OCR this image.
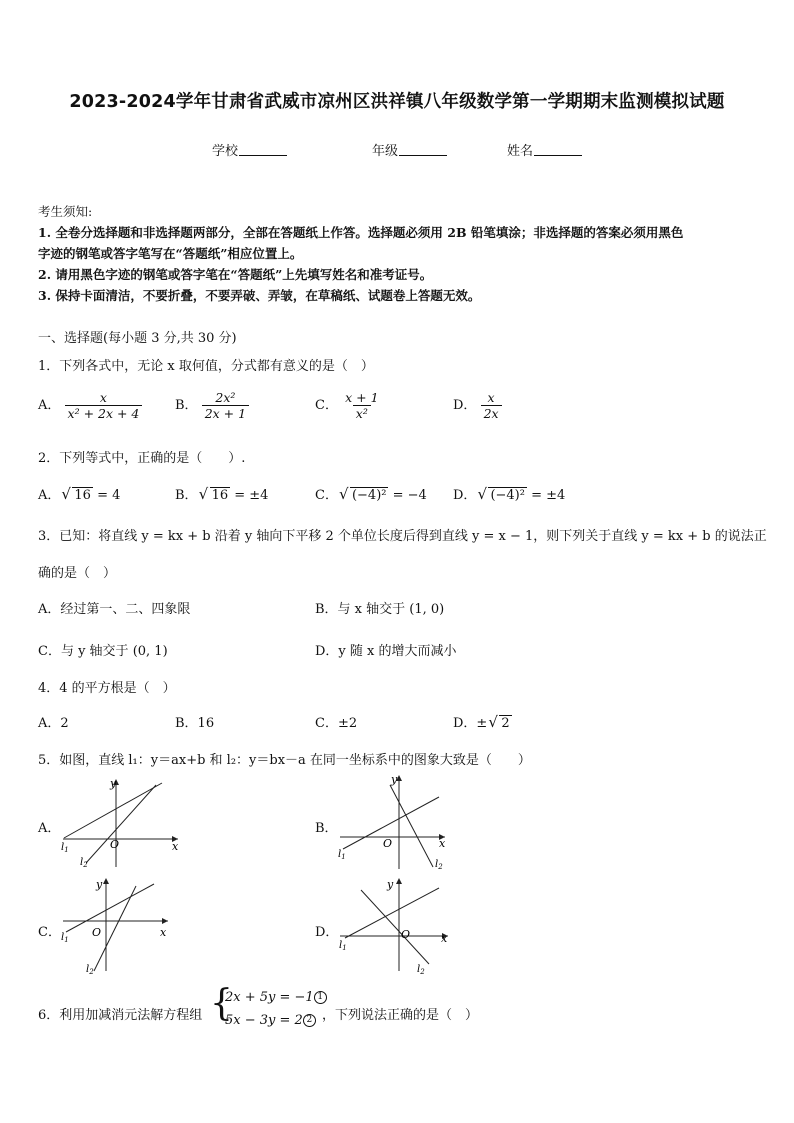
2023-2024学年甘肃省武威市凉州区洪祥镇八年级数学第一学期期末监测模拟试题
学校	年级	姓名
考生须知:
1. 全卷分选择题和非选择题两部分，全部在答题纸上作答。选择题必须用 2B 铅笔填涂；非选择题的答案必须用黑色
字迹的钢笔或答字笔写在“答题纸”相应位置上。
2. 请用黑色字迹的钢笔或答字笔在“答题纸”上先填写姓名和准考证号。
3. 保持卡面清洁，不要折叠，不要弄破、弄皱，在草稿纸、试题卷上答题无效。
一、选择题(每小题 3 分,共 30 分)
1．下列各式中，无论 x 取何值，分式都有意义的是（　）
A． $\frac{x}{\text{x² + 2x + 4}}$	B． $\frac{\text{2x²}}{2x + 1}$	C． $\frac{x + 1}{\text{x²}}$	D． $\frac{x}{2x}$
2．下列等式中，正确的是（　　）.
A． √ 16 = 4	B． √ 16 = ±4	C． √ (−4)² = −4 D． √ (−4)² = ±4
3．已知：将直线 y = kx + b 沿着 y 轴向下平移 2 个单位长度后得到直线 y = x − 1，则下列关于直线 y = kx + b 的说法正
确的是（　）
A．经过第一、二、四象限	B．与 x 轴交于 (1, 0)
C．与 y 轴交于 (0, 1)	D．y 随 x 的增大而减小
4．4 的平方根是（　）
A．2	B．16	C．±2	D．± √ 2
5．如图，直线 l₁：y＝ax+b 和 l₂：y＝bx－a 在同一坐标系中的图象大致是（　　）
A．	B．
C．	D．
y
x
O
$l_1$
$l_2$
y
x
O
$l_1$
$l_2$
y
x
O
$l_1$
$l_2$
y
x
O
$l_1$
$l_2$
6．利用加减消元法解方程组 {
2x + 5y = −1 1
5x − 3y = 2 2 ，下列说法正确的是（　）
